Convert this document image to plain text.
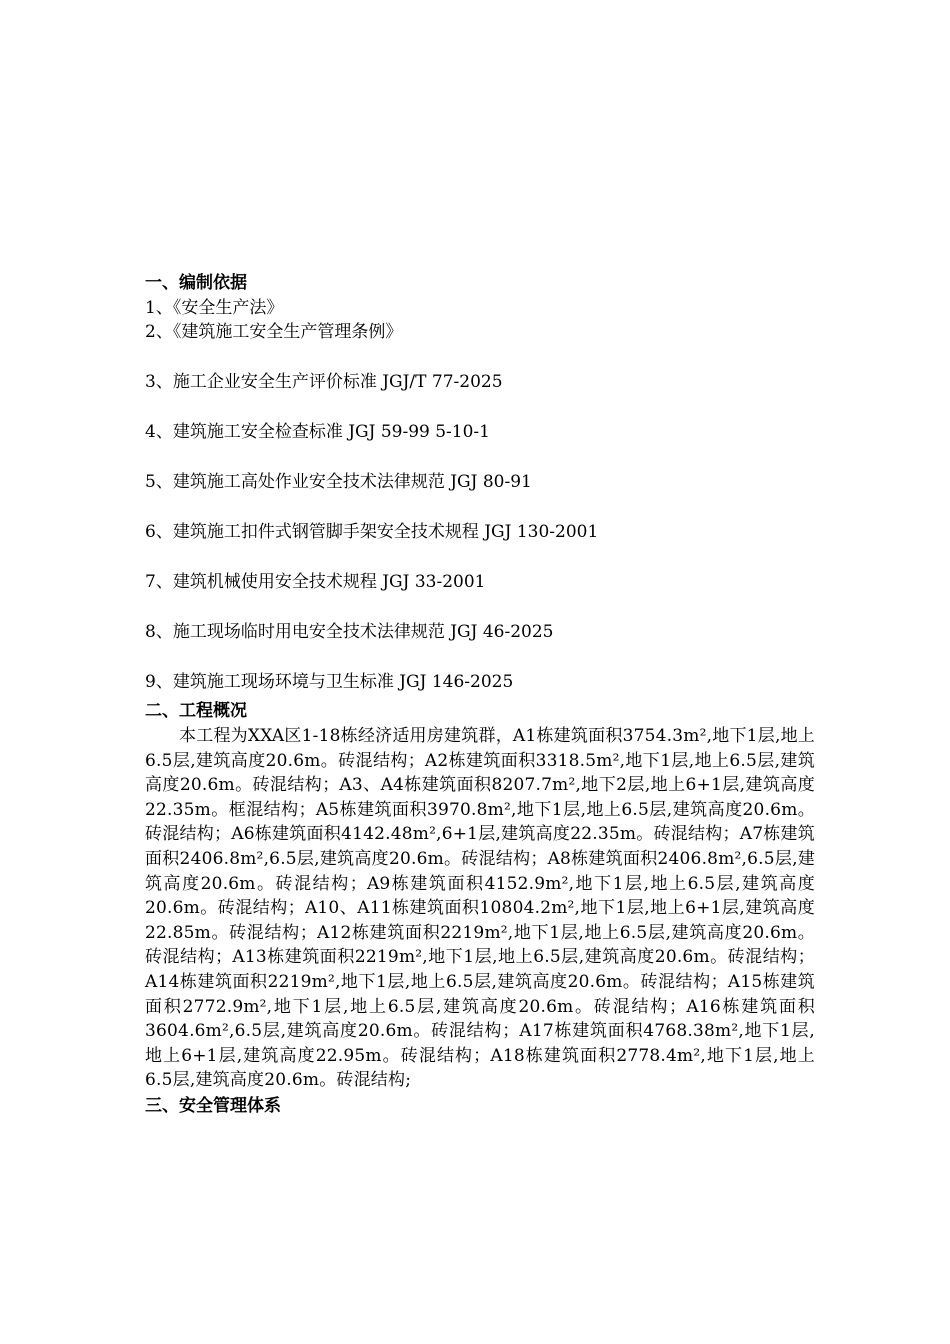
一、编制依据

1、《安全生产法》

2、《建筑施工安全生产管理条例》

3、施工企业安全生产评价标准 JGJ/T 77-2025

4、建筑施工安全检查标准 JGJ 59-99 5-10-1

5、建筑施工高处作业安全技术法律规范 JGJ 80-91

6、建筑施工扣件式钢管脚手架安全技术规程 JGJ 130-2001

7、建筑机械使用安全技术规程 JGJ 33-2001

8、施工现场临时用电安全技术法律规范 JGJ 46-2025

9、建筑施工现场环境与卫生标准 JGJ 146-2025

二、工程概况

本工程为XXA区1-18栋经济适用房建筑群，A1栋建筑面积3754.3m²,地下1层,地上6.5层,建筑高度20.6m。砖混结构；A2栋建筑面积3318.5m²,地下1层,地上6.5层,建筑高度20.6m。砖混结构；A3、A4栋建筑面积8207.7m²,地下2层,地上6+1层,建筑高度22.35m。框混结构；A5栋建筑面积3970.8m²,地下1层,地上6.5层,建筑高度20.6m。砖混结构；A6栋建筑面积4142.48m²,6+1层,建筑高度22.35m。砖混结构；A7栋建筑面积2406.8m²,6.5层,建筑高度20.6m。砖混结构；A8栋建筑面积2406.8m²,6.5层,建筑高度20.6m。砖混结构；A9栋建筑面积4152.9m²,地下1层,地上6.5层,建筑高度20.6m。砖混结构；A10、A11栋建筑面积10804.2m²,地下1层,地上6+1层,建筑高度22.85m。砖混结构；A12栋建筑面积2219m²,地下1层,地上6.5层,建筑高度20.6m。砖混结构；A13栋建筑面积2219m²,地下1层,地上6.5层,建筑高度20.6m。砖混结构；A14栋建筑面积2219m²,地下1层,地上6.5层,建筑高度20.6m。砖混结构；A15栋建筑面积2772.9m²,地下1层,地上6.5层,建筑高度20.6m。砖混结构；A16栋建筑面积3604.6m²,6.5层,建筑高度20.6m。砖混结构；A17栋建筑面积4768.38m²,地下1层,地上6+1层,建筑高度22.95m。砖混结构；A18栋建筑面积2778.4m²,地下1层,地上6.5层,建筑高度20.6m。砖混结构;

三、安全管理体系
